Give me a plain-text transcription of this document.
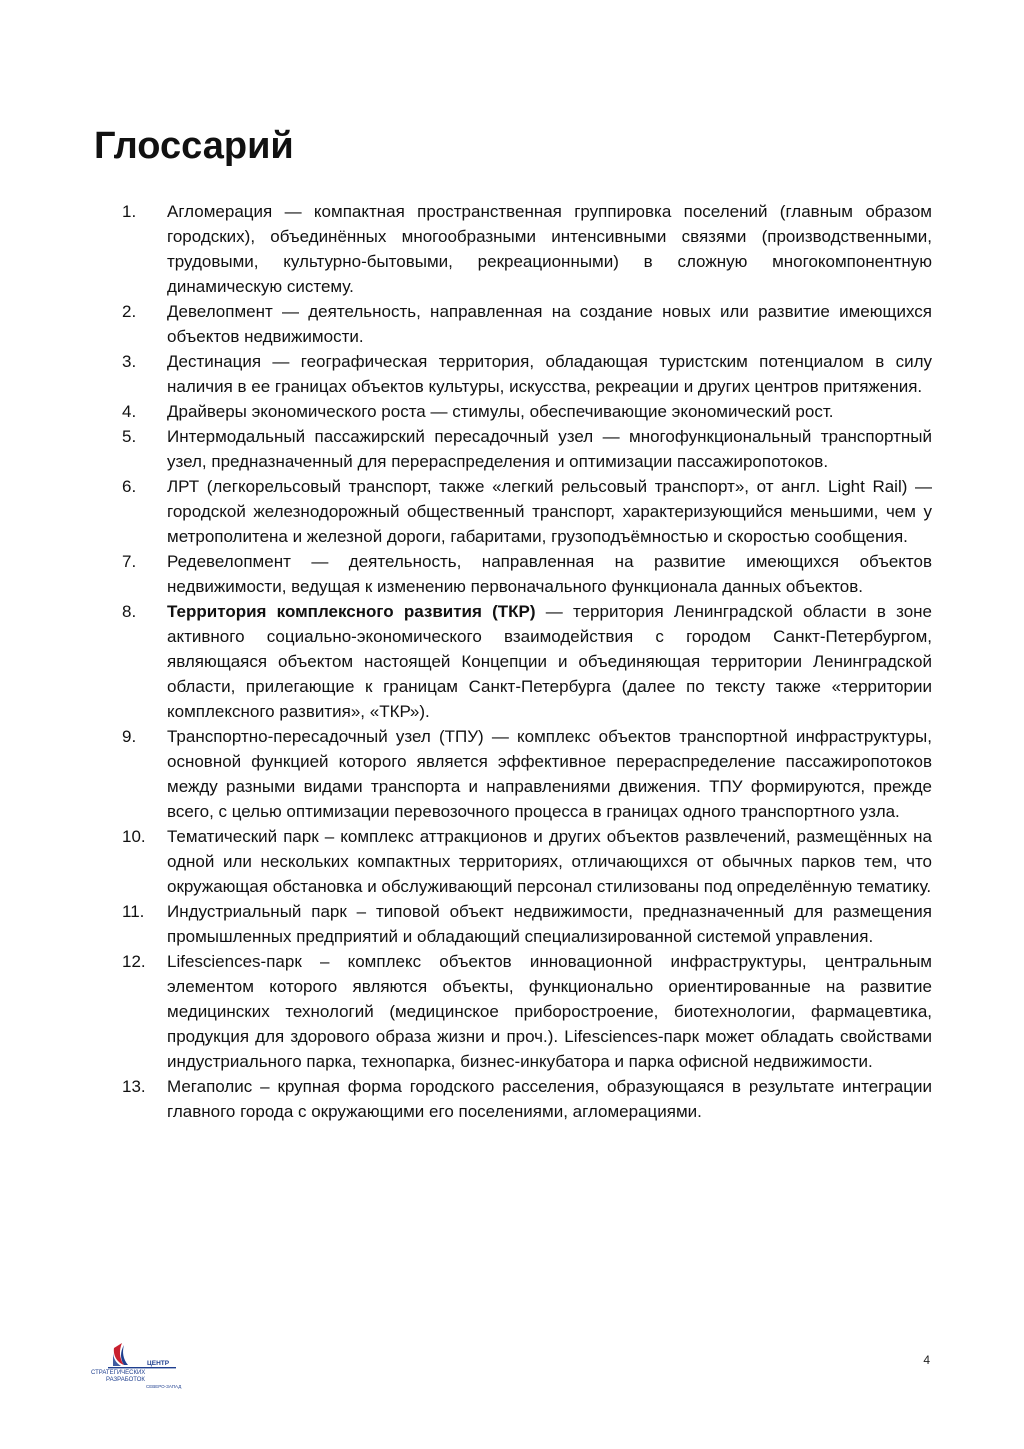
Глоссарий
1.	Агломерация — компактная пространственная группировка поселений (главным образом городских), объединённых многообразными интенсивными связями (производственными, трудовыми, культурно-бытовыми, рекреационными) в сложную многокомпонентную динамическую систему.
2.	Девелопмент — деятельность, направленная на создание новых или развитие имеющихся объектов недвижимости.
3.	Дестинация — географическая территория, обладающая туристским потенциалом в силу наличия в ее границах объектов культуры, искусства, рекреации и других центров притяжения.
4.	Драйверы экономического роста — стимулы, обеспечивающие экономический рост.
5.	Интермодальный пассажирский пересадочный узел — многофункциональный транспортный узел, предназначенный для перераспределения и оптимизации пассажиропотоков.
6.	ЛРТ (легкорельсовый транспорт, также «легкий рельсовый транспорт», от англ. Light Rail) — городской железнодорожный общественный транспорт, характеризующийся меньшими, чем у метрополитена и железной дороги, габаритами, грузоподъёмностью и скоростью сообщения.
7.	Редевелопмент — деятельность, направленная на развитие имеющихся объектов недвижимости, ведущая к изменению первоначального функционала данных объектов.
8.	Территория комплексного развития (ТКР) — территория Ленинградской области в зоне активного социально-экономического взаимодействия с городом Санкт-Петербургом, являющаяся объектом настоящей Концепции и объединяющая территории Ленинградской области, прилегающие к границам Санкт-Петербурга (далее по тексту также «территории комплексного развития», «ТКР»).
9.	Транспортно-пересадочный узел (ТПУ) — комплекс объектов транспортной инфраструктуры, основной функцией которого является эффективное перераспределение пассажиропотоков между разными видами транспорта и направлениями движения. ТПУ формируются, прежде всего, с целью оптимизации перевозочного процесса в границах одного транспортного узла.
10.	Тематический парк – комплекс аттракционов и других объектов развлечений, размещённых на одной или нескольких компактных территориях, отличающихся от обычных парков тем, что окружающая обстановка и обслуживающий персонал стилизованы под определённую тематику.
11.	Индустриальный парк – типовой объект недвижимости, предназначенный для размещения промышленных предприятий и обладающий специализированной системой управления.
12.	Lifesciences-парк – комплекс объектов инновационной инфраструктуры, центральным элементом которого являются объекты, функционально ориентированные на развитие медицинских технологий (медицинское приборостроение, биотехнологии, фармацевтика, продукция для здорового образа жизни и проч.). Lifesciences-парк может обладать свойствами индустриального парка, технопарка, бизнес-инкубатора и парка офисной недвижимости.
13.	Мегаполис – крупная форма городского расселения, образующаяся в результате интеграции главного города с окружающими его поселениями, агломерациями.
ЦЕНТР
СТРАТЕГИЧЕСКИХ
РАЗРАБОТОК
СЕВЕРО-ЗАПАД
4
